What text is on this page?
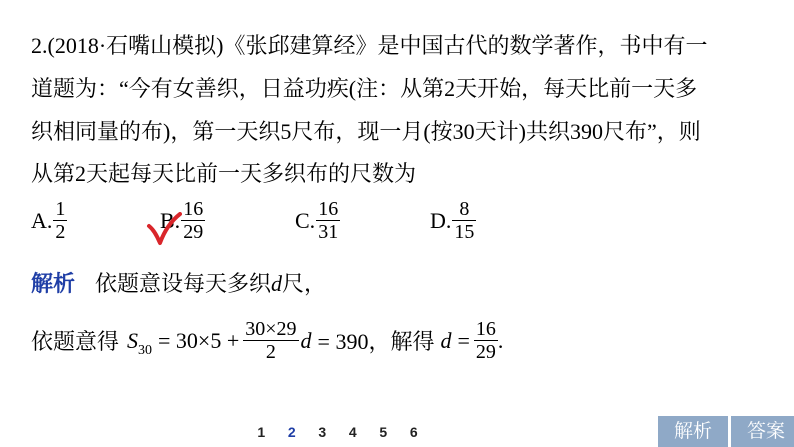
2.(2018·石嘴山模拟)《张邱建算经》是中国古代的数学著作，书中有一
道题为：“今有女善织，日益功疾(注：从第2天开始，每天比前一天多
织相同量的布)，第一天织5尺布，现一月(按30天计)共织390尺布”，则
从第2天起每天比前一天多织布的尺数为
A. $\frac{1}{2}$	B. $\frac{16}{29}$	C. $\frac{16}{31}$	D. $\frac{8}{15}$
解析 依题意设每天多织d尺，
依题意得 $S_{30} = 30\times 5 + \frac{30\times 29}{2}$ d = 390，解得 $d = \frac{16}{29}$ .
1	2	3	4	5	6	解析	答案
